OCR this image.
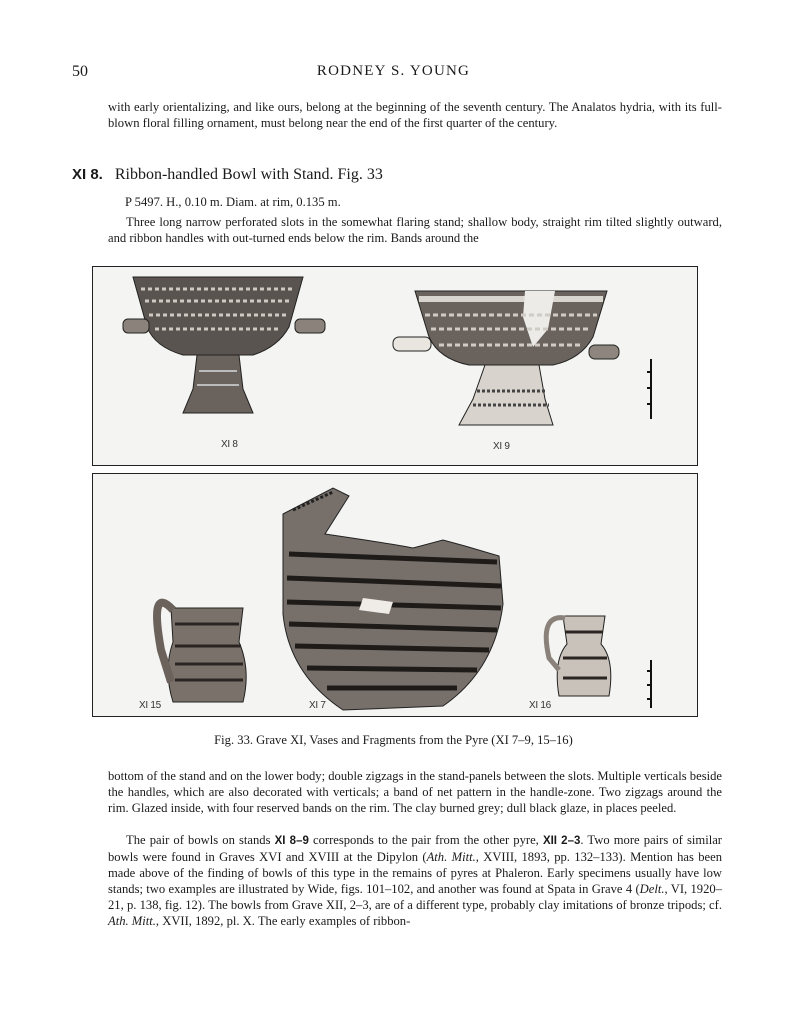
50	RODNEY S. YOUNG

with early orientalizing, and like ours, belong at the beginning of the seventh century. The Analatos hydria, with its full-blown floral filling ornament, must belong near the end of the first quarter of the century.

XI 8. Ribbon-handled Bowl with Stand. Fig. 33
P 5497. H., 0.10 m. Diam. at rim, 0.135 m.

Three long narrow perforated slots in the somewhat flaring stand; shallow body, straight rim tilted slightly outward, and ribbon handles with out-turned ends below the rim. Bands around the

XI 8	XI 9
XI 15	XI 7	XI 16
Fig. 33. Grave XI, Vases and Fragments from the Pyre (XI 7–9, 15–16)

bottom of the stand and on the lower body; double zigzags in the stand-panels between the slots. Multiple verticals beside the handles, which are also decorated with verticals; a band of net pattern in the handle-zone. Two zigzags around the rim. Glazed inside, with four reserved bands on the rim. The clay burned grey; dull black glaze, in places peeled.

The pair of bowls on stands XI 8–9 corresponds to the pair from the other pyre, XII 2–3. Two more pairs of similar bowls were found in Graves XVI and XVIII at the Dipylon (Ath. Mitt., XVIII, 1893, pp. 132–133). Mention has been made above of the finding of bowls of this type in the remains of pyres at Phaleron. Early specimens usually have low stands; two examples are illustrated by Wide, figs. 101–102, and another was found at Spata in Grave 4 (Delt., VI, 1920–21, p. 138, fig. 12). The bowls from Grave XII, 2–3, are of a different type, probably clay imitations of bronze tripods; cf. Ath. Mitt., XVII, 1892, pl. X. The early examples of ribbon-
